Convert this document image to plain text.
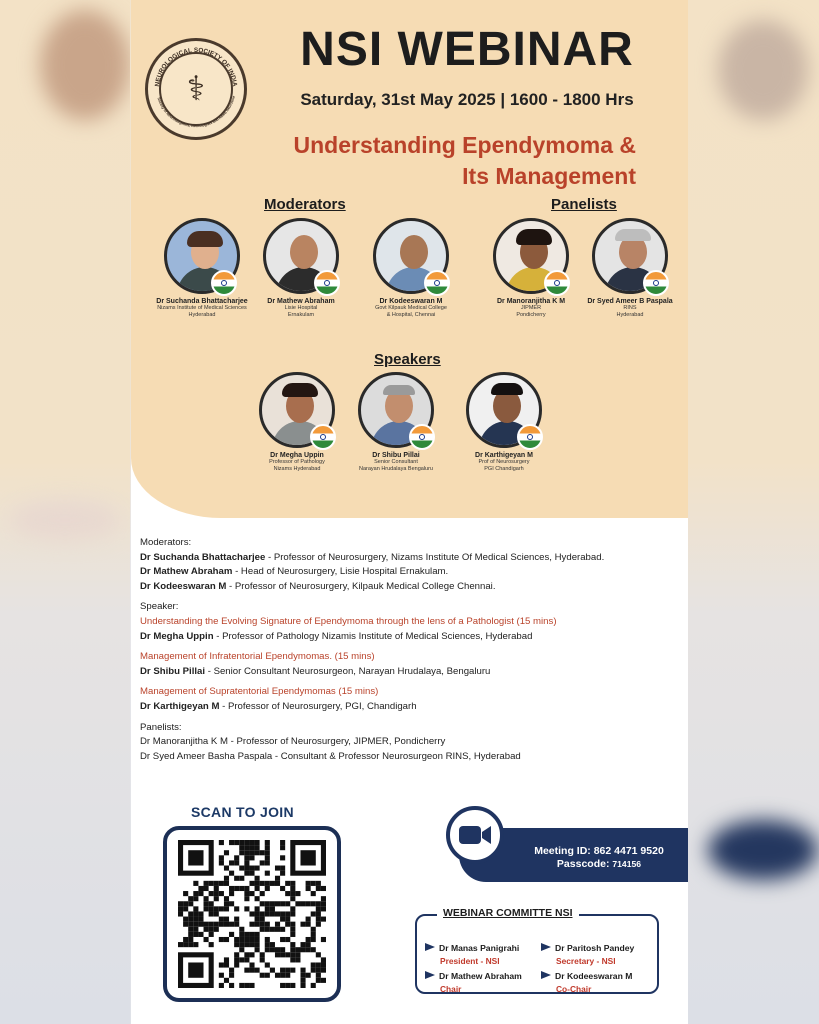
⚕
NEUROLOGICAL SOCIETY OF INDIA
Society of Neurosurgeons, Neurologists and Allied Neuroscie
NSI WEBINAR
Saturday, 31st May 2025 | 1600 - 1800 Hrs
Understanding Ependymoma &
Its Management
Moderators	Panelists
Speakers
Dr Suchanda Bhattacharjee
Nizams Institute of Medical Sciences
Hyderabad
Dr Mathew Abraham
Lisie Hospital
Ernakulam
Dr Kodeeswaran M
Govt Kilpauk Medical College
& Hospital, Chennai
Dr Manoranjitha K M
JIPMER
Pondicherry
Dr Syed Ameer B Paspala
RINS
Hyderabad
Dr Megha Uppin
Professor of Pathology
Nizams Hyderabad
Dr Shibu Pillai
Senior Consultant
Narayan Hrudalaya Bengaluru
Dr Karthigeyan M
Prof of Neurosurgery
PGI Chandigarh
Moderators:
Dr Suchanda Bhattacharjee - Professor of Neurosurgery, Nizams Institute Of Medical Sciences, Hyderabad.
Dr Mathew Abraham - Head of Neurosurgery, Lisie Hospital Ernakulam.
Dr Kodeeswaran M - Professor of Neurosurgery, Kilpauk Medical College Chennai.
Speaker:
Understanding the Evolving Signature of Ependymoma through the lens of a Pathologist (15 mins)
Dr Megha Uppin - Professor of Pathology Nizamis Institute of Medical Sciences, Hyderabad
Management of Infratentorial Ependymomas. (15 mins)
Dr Shibu Pillai - Senior Consultant Neurosurgeon, Narayan Hrudalaya, Bengaluru
Management of Supratentorial Ependymomas (15 mins)
Dr Karthigeyan M - Professor of Neurosurgery, PGI, Chandigarh
Panelists:
Dr Manoranjitha K M - Professor of Neurosurgery, JIPMER, Pondicherry
Dr Syed Ameer Basha Paspala - Consultant & Professor Neurosurgeon RINS, Hyderabad
SCAN TO JOIN
Meeting ID: 862 4471 9520
Passcode: 714156
WEBINAR COMMITTE NSI
Dr Manas Panigrahi
President - NSI
Dr Paritosh Pandey
Secretary - NSI
Dr Mathew Abraham
Chair
Dr Kodeeswaran M
Co-Chair
